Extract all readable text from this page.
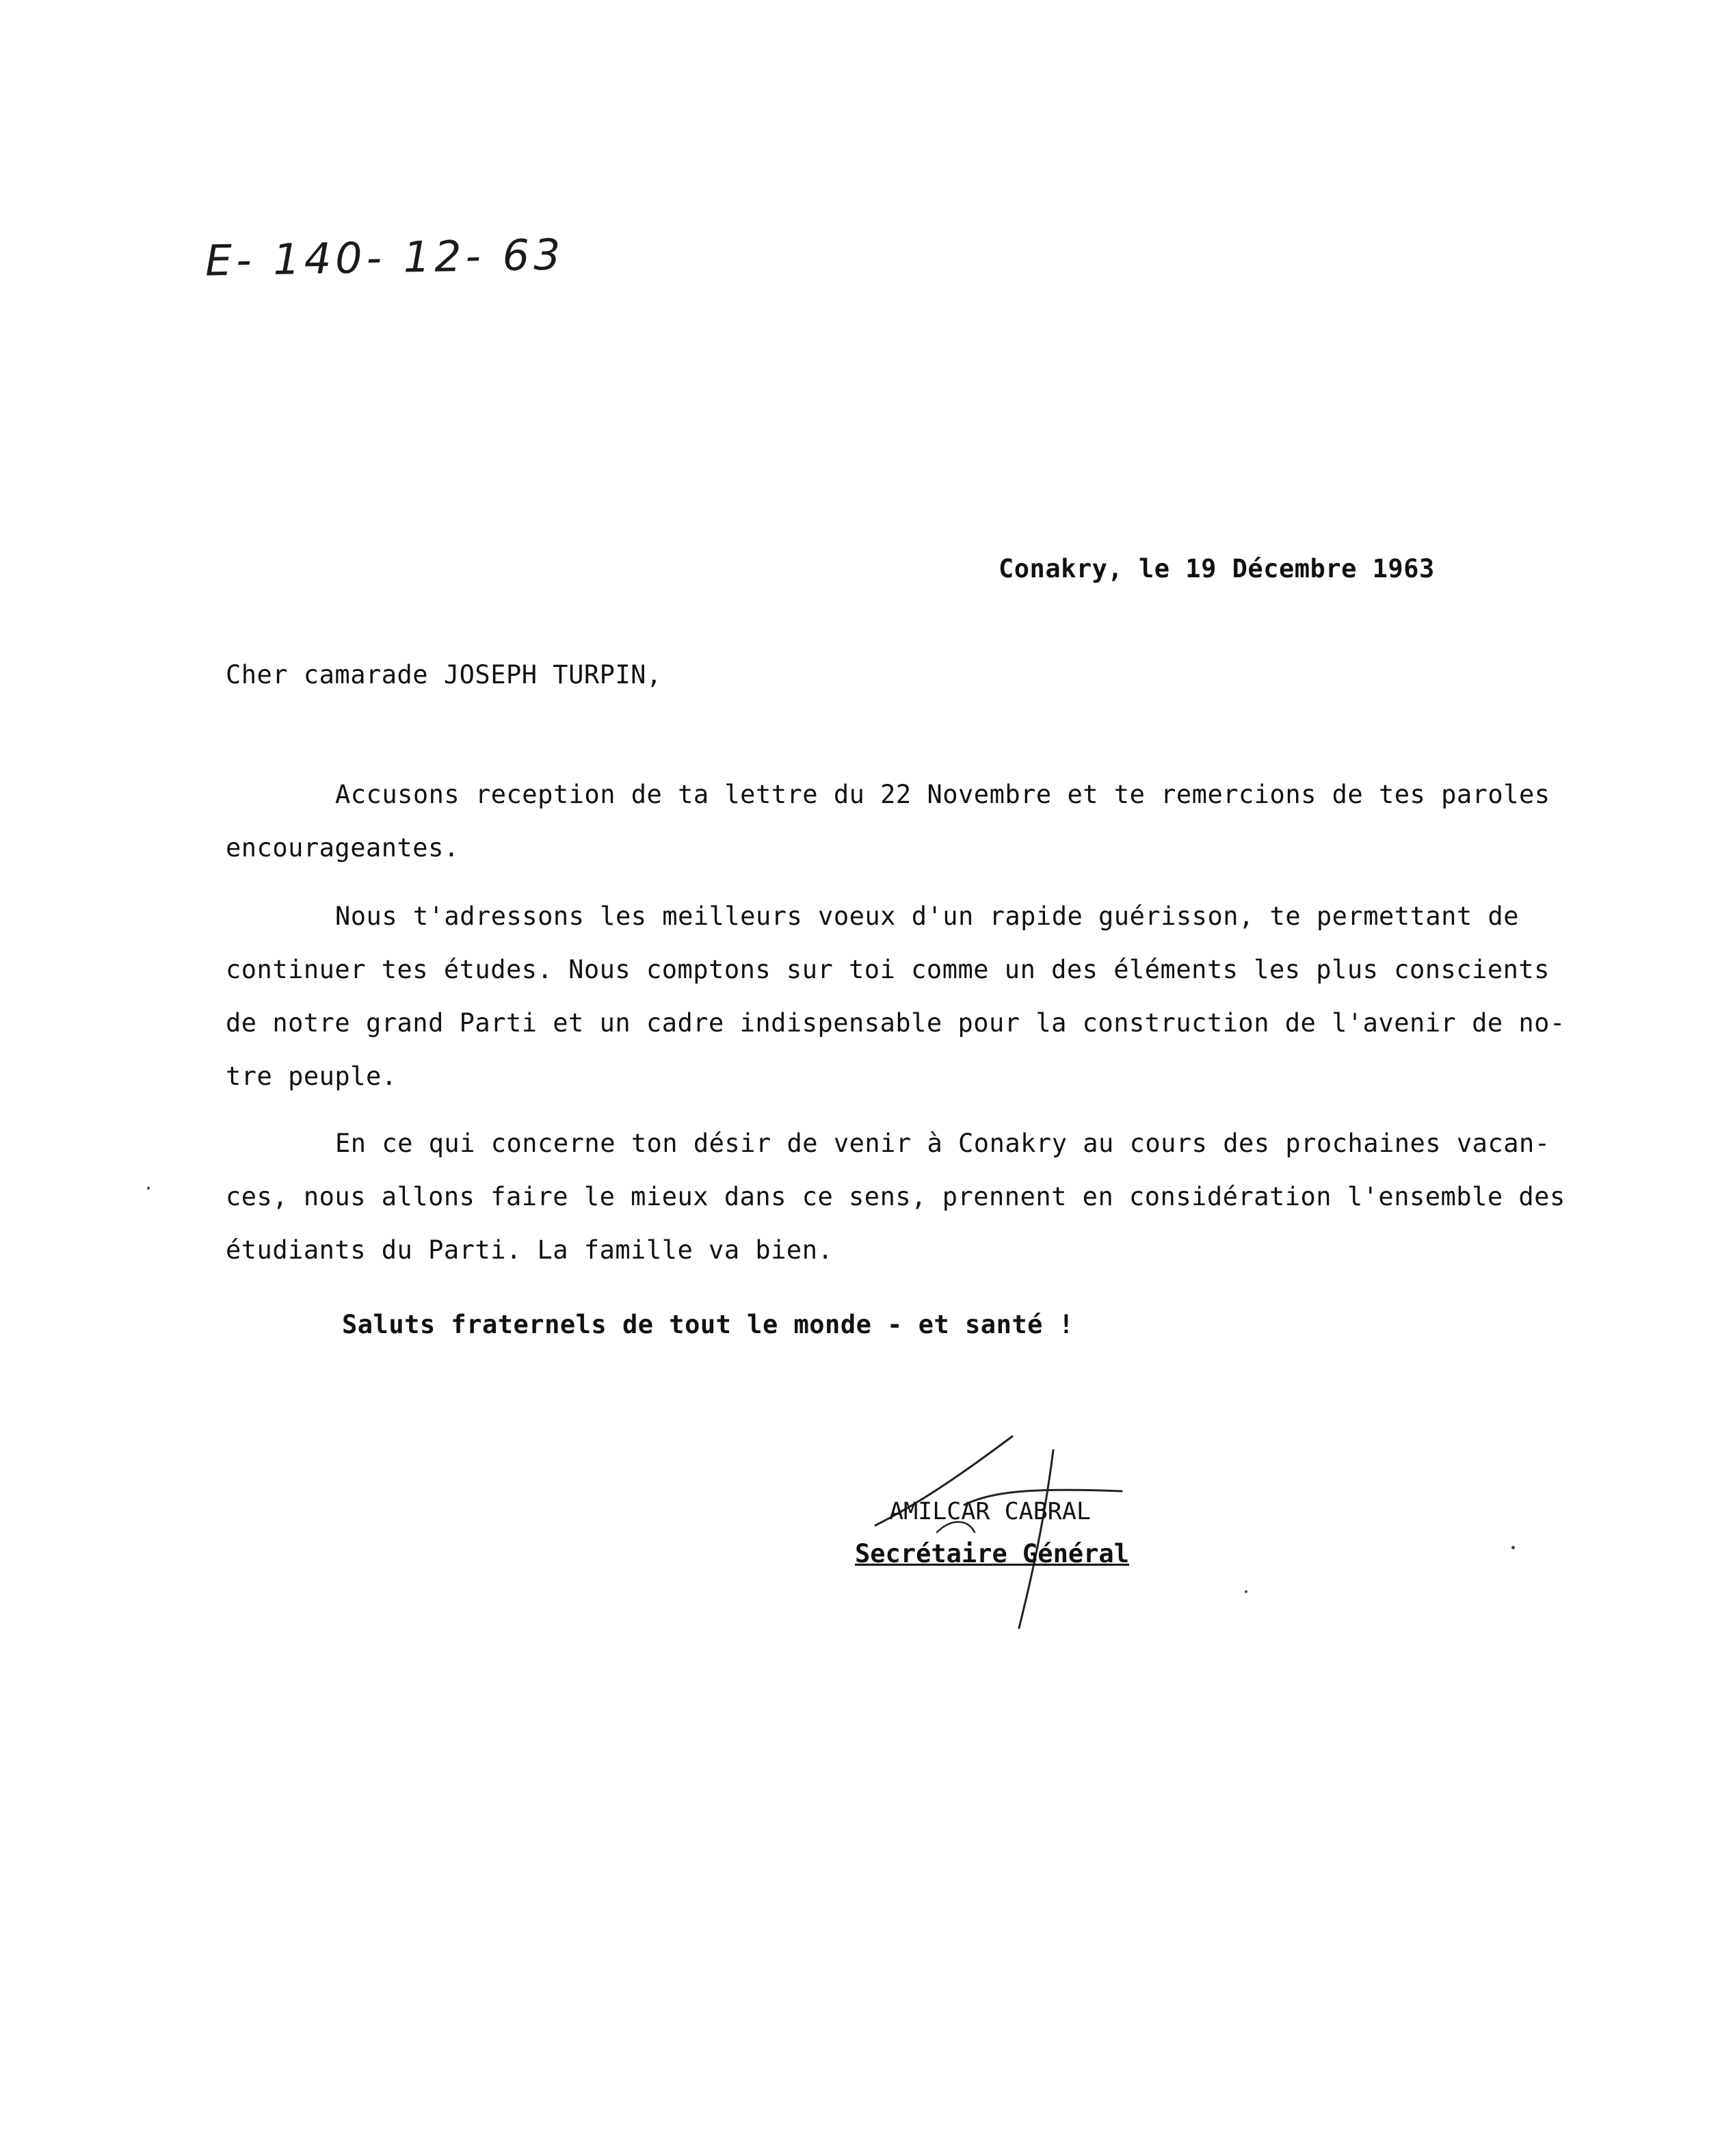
E- 140- 12- 63
Conakry, le 19 Décembre 1963
Cher camarade JOSEPH TURPIN,
Accusons reception de ta lettre du 22 Novembre et te remercions de tes paroles
encourageantes.
Nous t'adressons les meilleurs voeux d'un rapide guérisson, te permettant de
continuer tes études. Nous comptons sur toi comme un des éléments les plus conscients
de notre grand Parti et un cadre indispensable pour la construction de l'avenir de no-
tre peuple.
En ce qui concerne ton désir de venir à Conakry au cours des prochaines vacan-
ces, nous allons faire le mieux dans ce sens, prennent en considération l'ensemble des
étudiants du Parti. La famille va bien.
Saluts fraternels de tout le monde - et santé !
AMILCAR CABRAL
Secrétaire Général
